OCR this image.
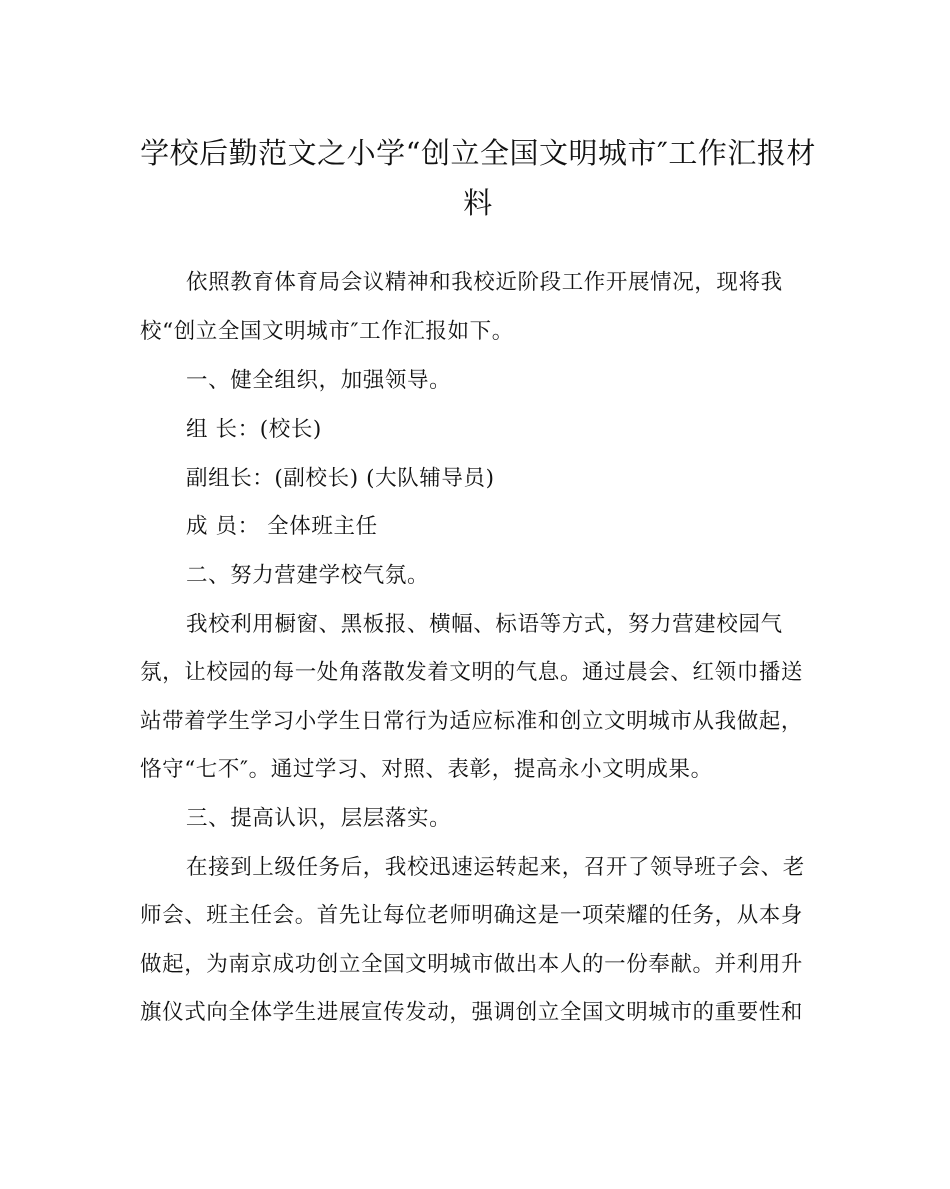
学校后勤范文之小学“创立全国文明城市″工作汇报材
料

依照教育体育局会议精神和我校近阶段工作开展情况，现将我

校“创立全国文明城市″工作汇报如下。

一、健全组织，加强领导。

组 长：(校长)

副组长：(副校长) (大队辅导员)

成 员： 全体班主任

二、努力营建学校气氛。

我校利用橱窗、黑板报、横幅、标语等方式，努力营建校园气

氛，让校园的每一处角落散发着文明的气息。通过晨会、红领巾播送

站带着学生学习小学生日常行为适应标准和创立文明城市从我做起，

恪守“七不″。通过学习、对照、表彰，提高永小文明成果。

三、提高认识，层层落实。

在接到上级任务后，我校迅速运转起来，召开了领导班子会、老

师会、班主任会。首先让每位老师明确这是一项荣耀的任务，从本身

做起，为南京成功创立全国文明城市做出本人的一份奉献。并利用升

旗仪式向全体学生进展宣传发动，强调创立全国文明城市的重要性和
